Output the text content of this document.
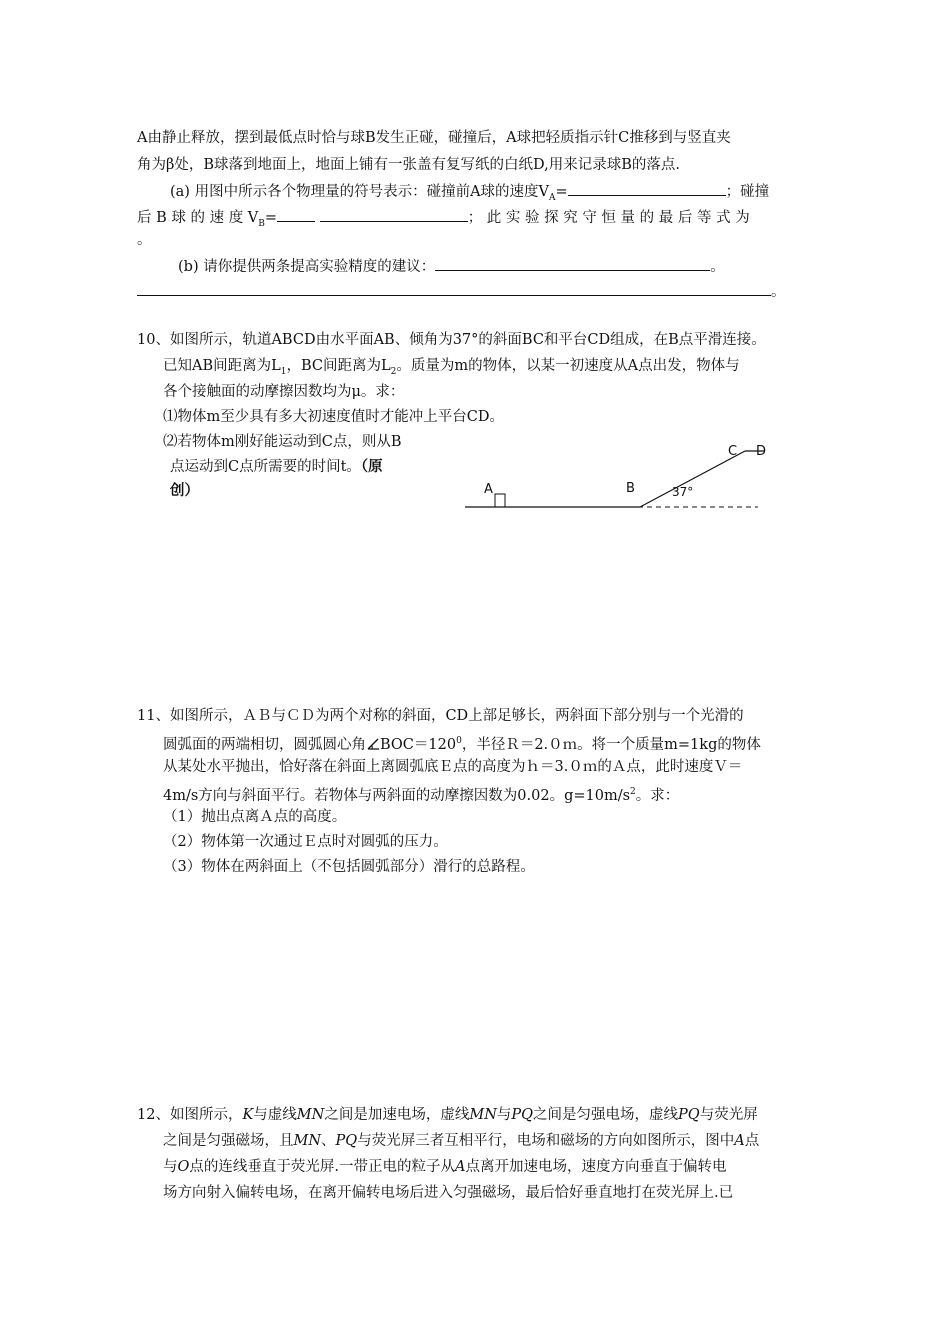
A由静止释放，摆到最低点时恰与球B发生正碰，碰撞后，A球把轻质指示针C推移到与竖直夹
角为β处，B球落到地面上，地面上铺有一张盖有复写纸的白纸D,用来记录球B的落点.
(a) 用图中所示各个物理量的符号表示：碰撞前A球的速度$V_A=$	；碰撞
后 B 球 的 速 度 $V_B=$	； 此 实 验 探 究 守 恒 量 的 最 后 等 式 为
。
(b) 请你提供两条提高实验精度的建议：	。
。
10、如图所示，轨道ABCD由水平面AB、倾角为37°的斜面BC和平台CD组成，在B点平滑连接。
已知AB间距离为$L_1$，BC间距离为$L_2$。质量为m的物体，以某一初速度从A点出发，物体与
各个接触面的动摩擦因数均为μ。求：
⑴物体m至少具有多大初速度值时才能冲上平台CD。
⑵若物体m刚好能运动到C点，则从B
点运动到C点所需要的时间t。（原
创）	A	B
C D
37°
11、如图所示，ＡＢ与ＣＤ为两个对称的斜面，CD上部足够长，两斜面下部分别与一个光滑的
圆弧面的两端相切，圆弧圆心角 $BOC=120^0$，半径Ｒ＝2.０ｍ。将一个质量m=1kg的物体
从某处水平抛出，恰好落在斜面上离圆弧底Ｅ点的高度为ｈ＝3.０ｍ的Ａ点，此时速度Ｖ＝
4m/s方向与斜面平行。若物体与两斜面的动摩擦因数为0.02。$g=10m/s^2$。求：
（1）抛出点离Ａ点的高度。
（2）物体第一次通过Ｅ点时对圆弧的压力。
（3）物体在两斜面上（不包括圆弧部分）滑行的总路程。
12、如图所示，K与虚线MN之间是加速电场，虚线MN与PQ之间是匀强电场，虚线PQ与荧光屏
之间是匀强磁场，且MN、PQ与荧光屏三者互相平行，电场和磁场的方向如图所示，图中A点
与O点的连线垂直于荧光屏.一带正电的粒子从A点离开加速电场，速度方向垂直于偏转电
场方向射入偏转电场，在离开偏转电场后进入匀强磁场，最后恰好垂直地打在荧光屏上.已
